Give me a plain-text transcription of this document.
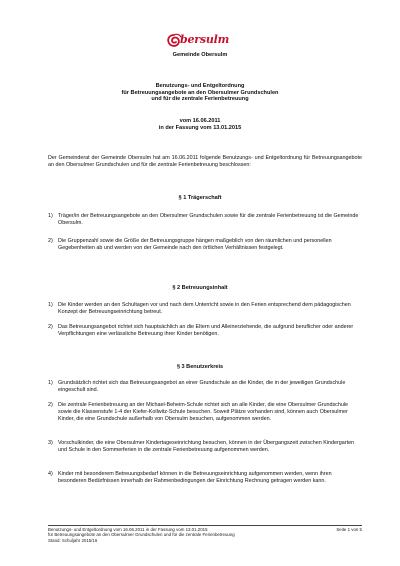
bersulm
Gemeinde Obersulm
Benutzungs- und Entgeltordnung
für Betreuungsangebote an den Obersulmer Grundschulen
und für die zentrale Ferienbetreuung
vom 16.06.2011
in der Fassung vom 13.01.2015
Der Gemeinderat der Gemeinde Obersulm hat am 16.06.2011 folgende Benutzungs- und Entgeltordnung für Betreuungsangebote an den Obersulmer Grundschulen und für die zentrale Ferienbetreuung beschlossen:
§ 1 Trägerschaft
1) Träger/in der Betreuungsangebote an den Obersulmer Grundschulen sowie für die zentrale Ferienbetreuung ist die Gemeinde Obersulm.
2) Die Gruppenzahl sowie die Größe der Betreuungsgruppe hängen maßgeblich von den räumlichen und personellen Gegebenheiten ab und werden von der Gemeinde nach den örtlichen Verhältnissen festgelegt.
§ 2 Betreuungsinhalt
1) Die Kinder werden an den Schultagen vor und nach dem Unterricht sowie in den Ferien entsprechend dem pädagogischen Konzept der Betreuungseinrichtung betreut.
2) Das Betreuungsangebot richtet sich hauptsächlich an die Eltern und Alleinerziehende, die aufgrund beruflicher oder anderer Verpflichtungen eine verlässliche Betreuung ihrer Kinder benötigen.
§ 3 Benutzerkreis
1) Grundsätzlich richtet sich das Betreuungsangebot an einer Grundschule an die Kinder, die in der jeweiligen Grundschule eingeschult sind.
2) Die zentrale Ferienbetreuung an der Michael-Beheim-Schule richtet sich an alle Kinder, die eine Obersulmer Grundschule sowie die Klassenstufe 1-4 der Kiefer-Kollwitz-Schule besuchen. Soweit Plätze vorhanden sind, können auch Obersulmer Kinder, die eine Grundschule außerhalb von Obersulm besuchen, aufgenommen werden.
3) Vorschulkinder, die eine Obersulmer Kindertageseinrichtung besuchen, können in der Übergangszeit zwischen Kindergarten und Schule in den Sommerferien in die zentrale Ferienbetreuung aufgenommen werden.
4) Kinder mit besonderem Betreuungsbedarf können in die Betreuungseinrichtung aufgenommen werden, wenn ihren besonderen Bedürfnissen innerhalb der Rahmenbedingungen der Einrichtung Rechnung getragen werden kann.
Benutzungs- und Entgeltordnung vom 16.06.2011 in der Fassung vom 13.01.2015
für Betreuungsangebote an den Obersulmer Grundschulen und für die zentrale Ferienbetreuung
Stand: Schuljahr 2015/16
Seite 1 von 5
